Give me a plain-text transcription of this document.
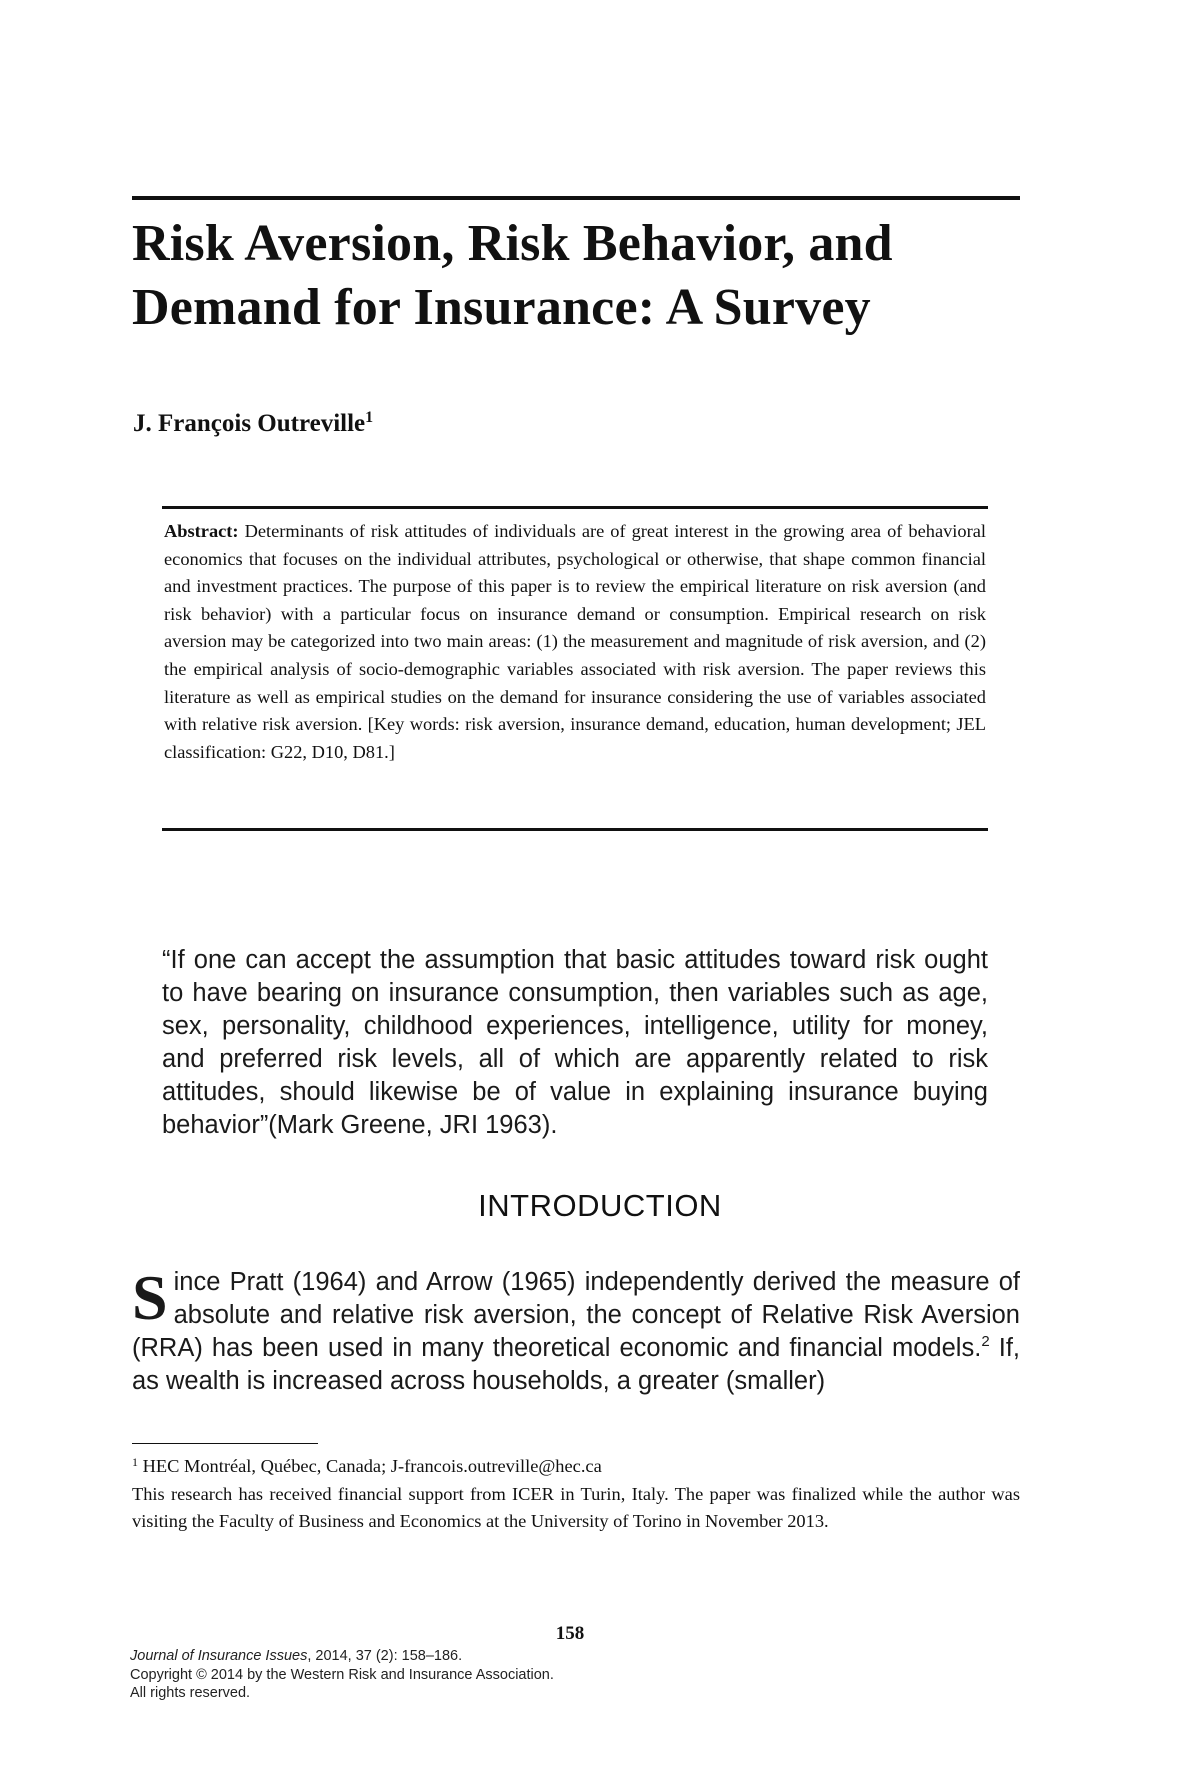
Risk Aversion, Risk Behavior, and
Demand for Insurance: A Survey
J. François Outreville$^1$

Abstract: Determinants of risk attitudes of individuals are of great interest in the growing area of behavioral economics that focuses on the individual attributes, psychological or otherwise, that shape common financial and investment practices. The purpose of this paper is to review the empirical literature on risk aversion (and risk behavior) with a particular focus on insurance demand or consumption. Empirical research on risk aversion may be categorized into two main areas: (1) the measurement and magnitude of risk aversion, and (2) the empirical analysis of socio-demographic variables associated with risk aversion. The paper reviews this literature as well as empirical studies on the demand for insurance considering the use of variables associated with relative risk aversion. [Key words: risk aversion, insurance demand, education, human development; JEL classification: G22, D10, D81.]

“If one can accept the assumption that basic attitudes toward risk ought to have bearing on insurance consumption, then variables such as age, sex, personality, childhood experiences, intelligence, utility for money, and preferred risk levels, all of which are apparently related to risk attitudes, should likewise be of value in explaining insurance buying behavior”(Mark Greene, JRI 1963).

INTRODUCTION

Since Pratt (1964) and Arrow (1965) independently derived the measure of absolute and relative risk aversion, the concept of Relative Risk Aversion (RRA) has been used in many theoretical economic and financial models.$^2$ If, as wealth is increased across households, a greater (smaller)

$^1$ HEC Montréal, Québec, Canada; J-francois.outreville@hec.ca

This research has received financial support from ICER in Turin, Italy. The paper was finalized while the author was visiting the Faculty of Business and Economics at the University of Torino in November 2013.

158
Journal of Insurance Issues, 2014, 37 (2): 158–186.
Copyright © 2014 by the Western Risk and Insurance Association.
All rights reserved.
